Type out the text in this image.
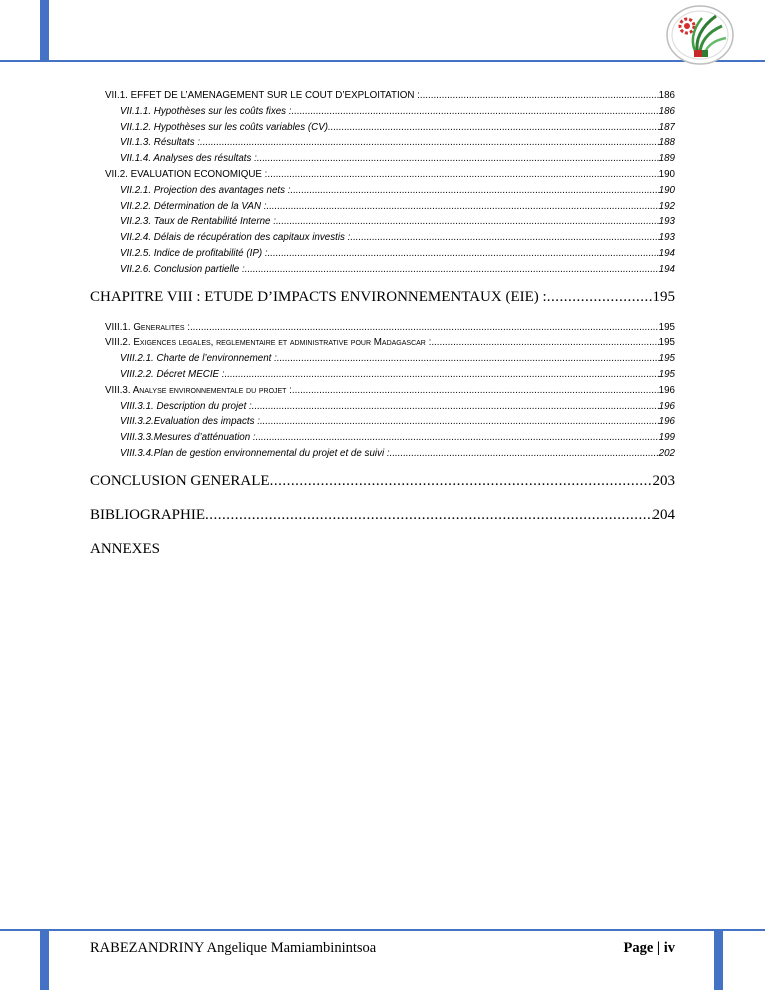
VII.1. EFFET DE L’AMENAGEMENT SUR LE COUT D’EXPLOITATION : .....	186
VII.1.1. Hypothèses sur les coûts fixes : .....	186
VII.1.2. Hypothèses sur les coûts variables (CV) .....	187
VII.1.3. Résultats : .....	188
VII.1.4. Analyses des résultats : .....	189
VII.2. EVALUATION ECONOMIQUE : .....	190
VII.2.1. Projection des avantages nets : .....	190
VII.2.2. Détermination de la VAN : .....	192
VII.2.3. Taux de Rentabilité Interne : .....	193
VII.2.4. Délais de récupération des capitaux investis : .....	193
VII.2.5. Indice de profitabilité (IP) : .....	194
VII.2.6. Conclusion partielle : .....	194
CHAPITRE VIII : ETUDE D’IMPACTS ENVIRONNEMENTAUX (EIE) : .....	195
VIII.1. Generalites : .....	195
VIII.2. Exigences legales, reglementaire et administrative pour Madagascar : .....	195
VIII.2.1. Charte de l’environnement : .....	195
VIII.2.2. Décret MECIE : .....	195
VIII.3. Analyse environnementale du projet : .....	196
VIII.3.1. Description du projet : .....	196
VIII.3.2.Evaluation des impacts : .....	196
VIII.3.3.Mesures d’atténuation : .....	199
VIII.3.4.Plan de gestion environnemental du projet et de suivi : .....	202
CONCLUSION GENERALE .....	203
BIBLIOGRAPHIE .....	204
ANNEXES
RABEZANDRINY Angelique Mamiambinintsoa	Page | iv
